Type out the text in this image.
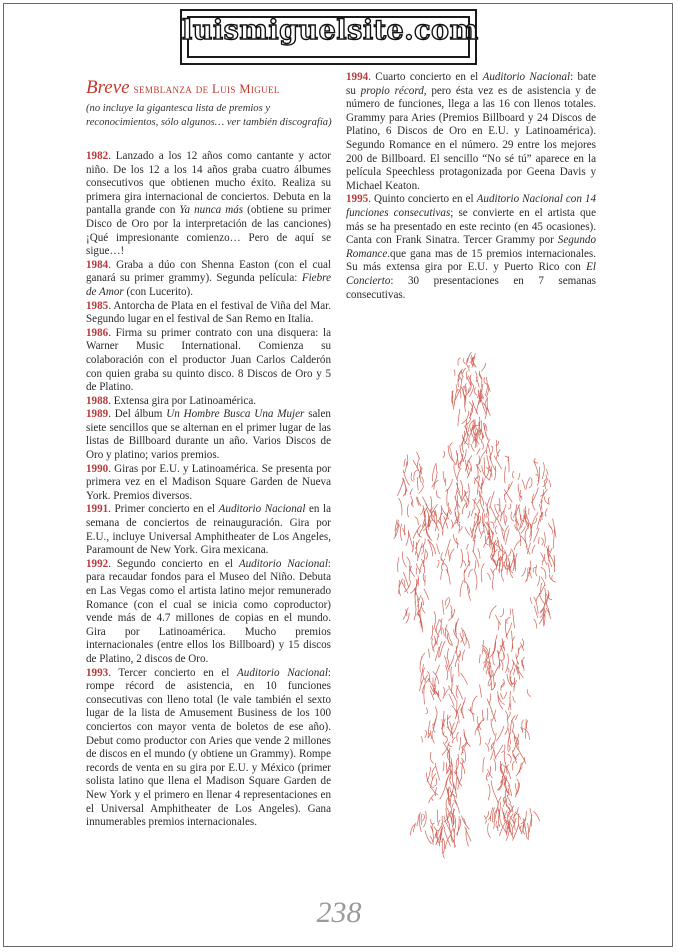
luismiguelsite.com
Breve semblanza de Luis Miguel
(no incluye la gigantesca lista de premios y reconocimientos, sólo algunos… ver también discografía)

1982. Lanzado a los 12 años como cantante y actor niño. De los 12 a los 14 años graba cuatro álbumes consecutivos que obtienen mucho éxito. Realiza su primera gira internacional de conciertos. Debuta en la pantalla grande con Ya nunca más (obtiene su primer Disco de Oro por la interpretación de las canciones) ¡Qué impresionante comienzo… Pero de aquí se sigue…!

1984. Graba a dúo con Shenna Easton (con el cual ganará su primer grammy). Segunda película: Fiebre de Amor (con Lucerito).

1985. Antorcha de Plata en el festival de Viña del Mar. Segundo lugar en el festival de San Remo en Italia.

1986. Firma su primer contrato con una disquera: la Warner Music International. Comienza su colaboración con el productor Juan Carlos Calderón con quien graba su quinto disco. 8 Discos de Oro y 5 de Platino.

1988. Extensa gira por Latinoamérica.

1989. Del álbum Un Hombre Busca Una Mujer salen siete sencillos que se alternan en el primer lugar de las listas de Billboard durante un año. Varios Discos de Oro y platino; varios premios.

1990. Giras por E.U. y Latinoamérica. Se presenta por primera vez en el Madison Square Garden de Nueva York. Premios diversos.

1991. Primer concierto en el Auditorio Nacional en la semana de conciertos de reinauguración. Gira por E.U., incluye Universal Amphitheater de Los Angeles, Paramount de New York. Gira mexicana.

1992. Segundo concierto en el Auditorio Nacional: para recaudar fondos para el Museo del Niño. Debuta en Las Vegas como el artista latino mejor remunerado Romance (con el cual se inicia como coproductor) vende más de 4.7 millones de copias en el mundo. Gira por Latinoamérica. Mucho premios internacionales (entre ellos los Billboard) y 15 discos de Platino, 2 discos de Oro.

1993. Tercer concierto en el Auditorio Nacional: rompe récord de asistencia, en 10 funciones consecutivas con lleno total (le vale también el sexto lugar de la lista de Amusement Business de los 100 conciertos con mayor venta de boletos de ese año). Debut como productor con Aries que vende 2 millones de discos en el mundo (y obtiene un Grammy). Rompe records de venta en su gira por E.U. y México (primer solista latino que llena el Madison Square Garden de New York y el primero en llenar 4 representaciones en el Universal Amphitheater de Los Angeles). Gana innumerables premios internacionales.

1994. Cuarto concierto en el Auditorio Nacional: bate su propio récord, pero ésta vez es de asistencia y de número de funciones, llega a las 16 con llenos totales. Grammy para Aries (Premios Billboard y 24 Discos de Platino, 6 Discos de Oro en E.U. y Latinoamérica). Segundo Romance en el número. 29 entre los mejores 200 de Billboard. El sencillo “No sé tú” aparece en la película Speechless protagonizada por Geena Davis y Michael Keaton.

1995. Quinto concierto en el Auditorio Nacional con 14 funciones consecutivas; se convierte en el artista que más se ha presentado en este recinto (en 45 ocasiones). Canta con Frank Sinatra. Tercer Grammy por Segundo Romance.que gana mas de 15 premios internacionales. Su más extensa gira por E.U. y Puerto Rico con El Concierto: 30 presentaciones en 7 semanas consecutivas.

238
